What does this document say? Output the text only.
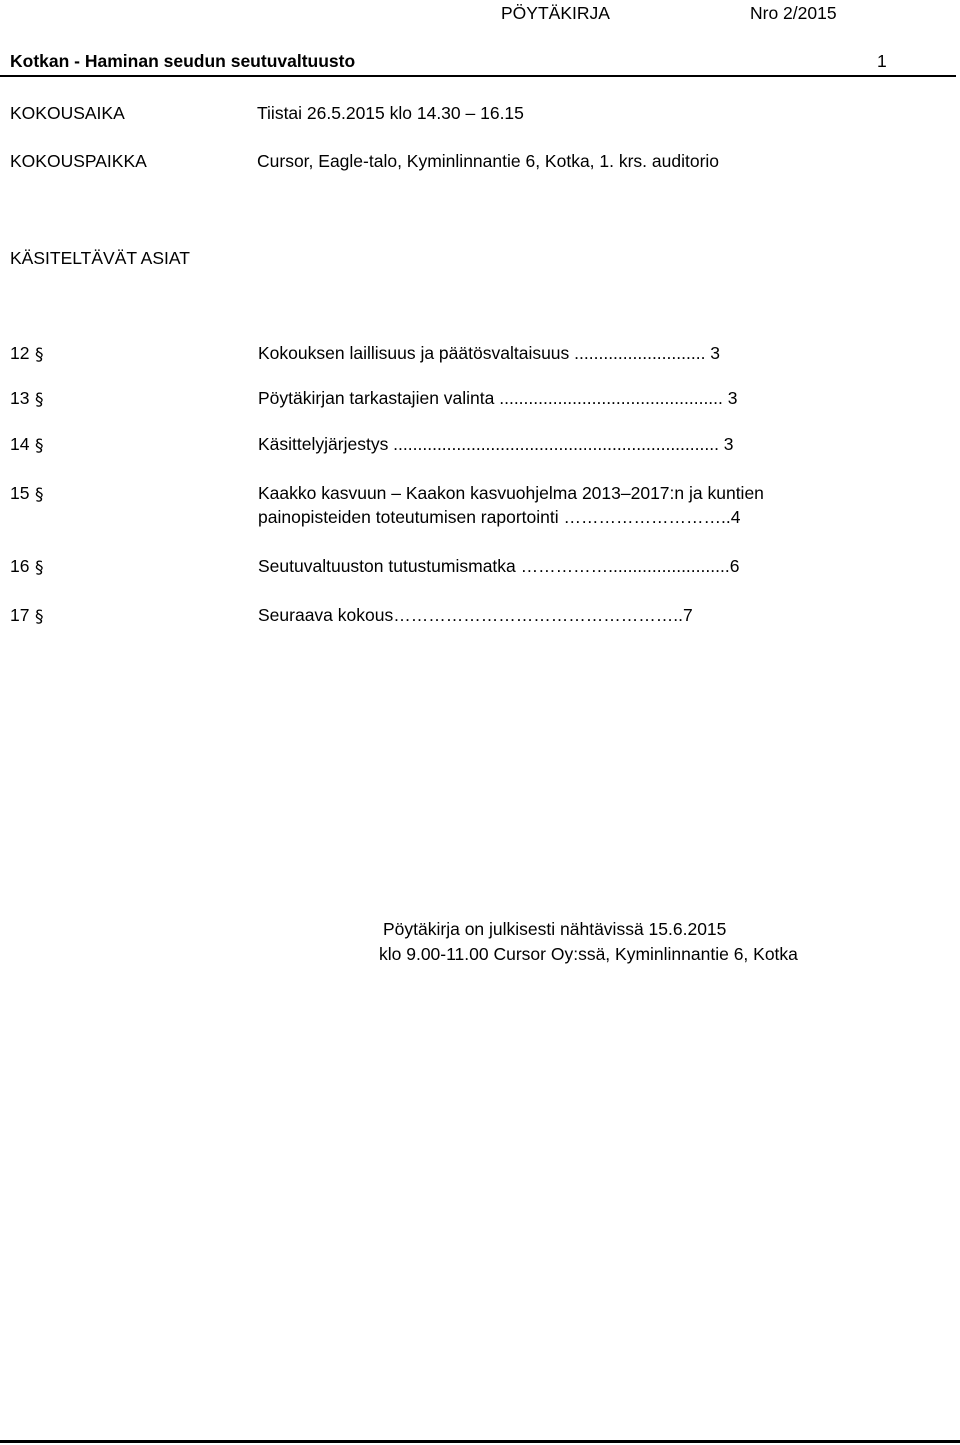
PÖYTÄKIRJA	Nro 2/2015
Kotkan - Haminan seudun seutuvaltuusto	1
KOKOUSAIKA	Tiistai 26.5.2015 klo 14.30 – 16.15
KOKOUSPAIKKA	Cursor, Eagle-talo, Kyminlinnantie 6, Kotka, 1. krs. auditorio
KÄSITELTÄVÄT ASIAT
12 §	Kokouksen laillisuus ja päätösvaltaisuus ........................... 3
13 §	Pöytäkirjan tarkastajien valinta .............................................. 3
14 §	Käsittelyjärjestys ................................................................... 3
15 §	Kaakko kasvuun – Kaakon kasvuohjelma 2013–2017:n ja kuntien
painopisteiden toteutumisen raportointi ………………………..4
16 §	Seutuvaltuuston tutustumismatka …………….........................6
17 §	Seuraava kokous…………………………………………..7
Pöytäkirja on julkisesti nähtävissä 15.6.2015
klo 9.00-11.00 Cursor Oy:ssä, Kyminlinnantie 6, Kotka
